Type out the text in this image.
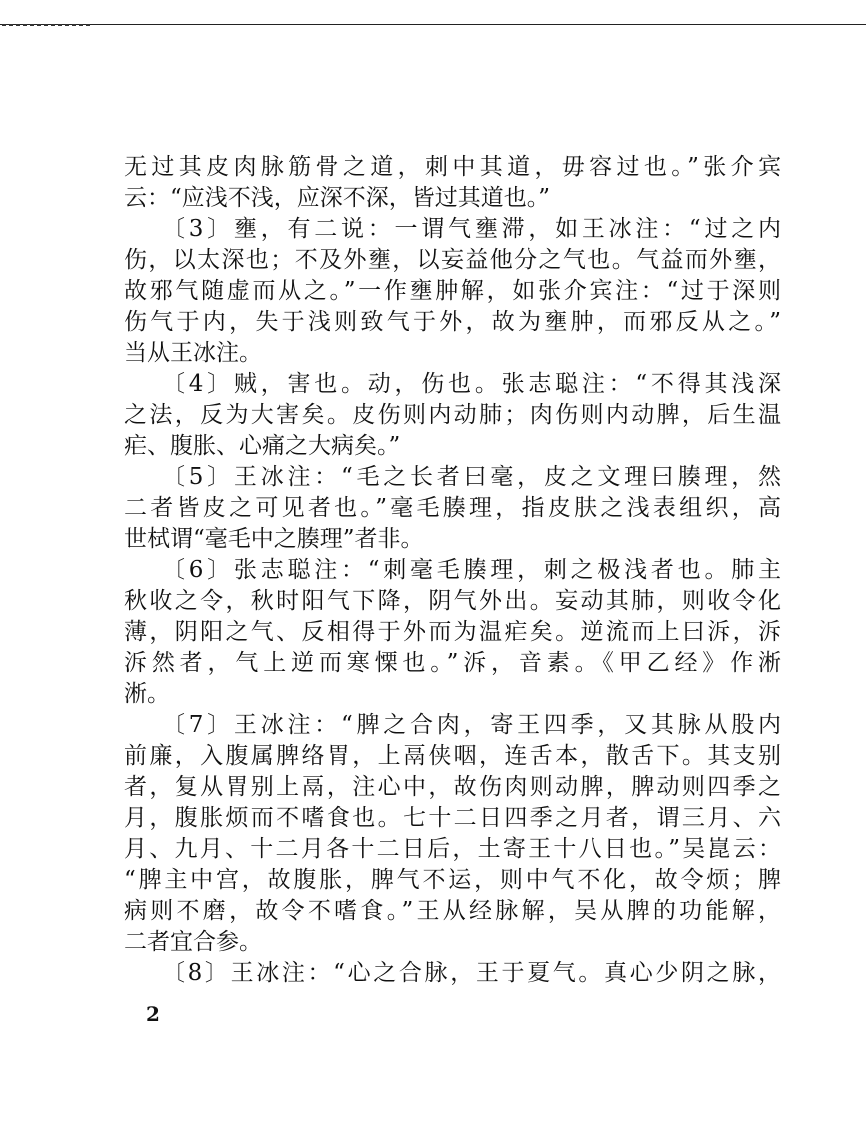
无过其皮肉脉筋骨之道，刺中其道，毋容过也。”张介宾
云：“应浅不浅，应深不深，皆过其道也。”
〔3〕壅，有二说：一谓气壅滞，如王冰注：“过之内
伤，以太深也；不及外壅，以妄益他分之气也。气益而外壅，
故邪气随虚而从之。”一作壅肿解，如张介宾注：“过于深则
伤气于内，失于浅则致气于外，故为壅肿，而邪反从之。”
当从王冰注。
〔4〕贼，害也。动，伤也。张志聪注：“不得其浅深
之法，反为大害矣。皮伤则内动肺；肉伤则内动脾，后生温
疟、腹胀、心痛之大病矣。”
〔5〕王冰注：“毛之长者曰毫，皮之文理曰腠理，然
二者皆皮之可见者也。”毫毛腠理，指皮肤之浅表组织，高
世栻谓“毫毛中之腠理”者非。
〔6〕张志聪注：“刺毫毛腠理，刺之极浅者也。肺主
秋收之令，秋时阳气下降，阴气外出。妄动其肺，则收令化
薄，阴阳之气、反相得于外而为温疟矣。逆流而上曰泝，泝
泝然者，气上逆而寒慄也。”泝，音素。《甲乙经》作淅
淅。
〔7〕王冰注：“脾之合肉，寄王四季，又其脉从股内
前廉，入腹属脾络胃，上鬲侠咽，连舌本，散舌下。其支别
者，复从胃别上鬲，注心中，故伤肉则动脾，脾动则四季之
月，腹胀烦而不嗜食也。七十二日四季之月者，谓三月、六
月、九月、十二月各十二日后，土寄王十八日也。”吴崑云：
“脾主中宫，故腹胀，脾气不运，则中气不化，故令烦；脾
病则不磨，故令不嗜食。”王从经脉解，吴从脾的功能解，
二者宜合参。
〔8〕王冰注：“心之合脉，王于夏气。真心少阴之脉，
2
